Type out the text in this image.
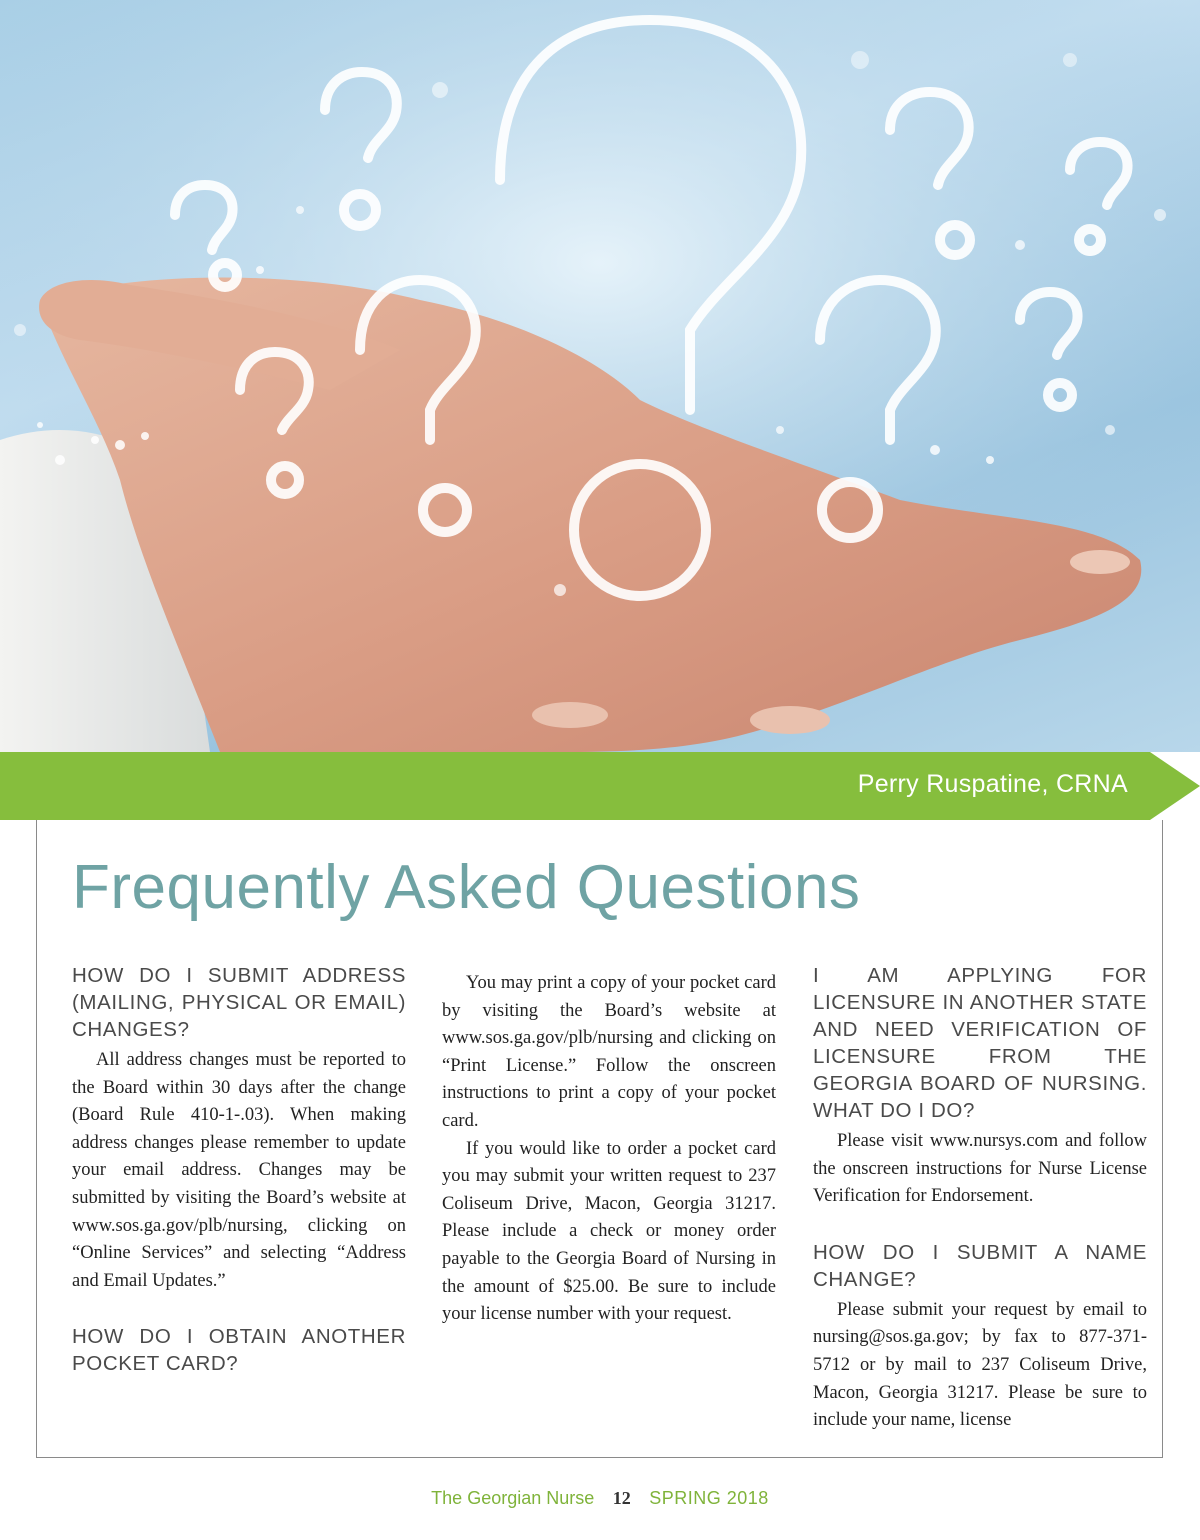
Perry Ruspatine, CRNA
Frequently Asked Questions
HOW DO I SUBMIT ADDRESS (MAILING, PHYSICAL OR EMAIL) CHANGES?

All address changes must be reported to the Board within 30 days after the change (Board Rule 410-1-.03). When making address changes please remember to update your email address. Changes may be submitted by visiting the Board’s website at www.sos.ga.gov/plb/nursing, clicking on “Online Services” and selecting “Address and Email Updates.”

HOW DO I OBTAIN ANOTHER POCKET CARD?

You may print a copy of your pocket card by visiting the Board’s website at www.sos.ga.gov/plb/nursing and clicking on “Print License.” Follow the onscreen instructions to print a copy of your pocket card.

If you would like to order a pocket card you may submit your written request to 237 Coliseum Drive, Macon, Georgia 31217. Please include a check or money order payable to the Georgia Board of Nursing in the amount of $25.00. Be sure to include your license number with your request.

I AM APPLYING FOR LICENSURE IN ANOTHER STATE AND NEED VERIFICATION OF LICENSURE FROM THE GEORGIA BOARD OF NURSING. WHAT DO I DO?

Please visit www.nursys.com and follow the onscreen instructions for Nurse License Verification for Endorsement.

HOW DO I SUBMIT A NAME CHANGE?

Please submit your request by email to nursing@sos.ga.gov; by fax to 877-371-5712 or by mail to 237 Coliseum Drive, Macon, Georgia 31217. Please be sure to include your name, license

The Georgian Nurse 12 SPRING 2018
